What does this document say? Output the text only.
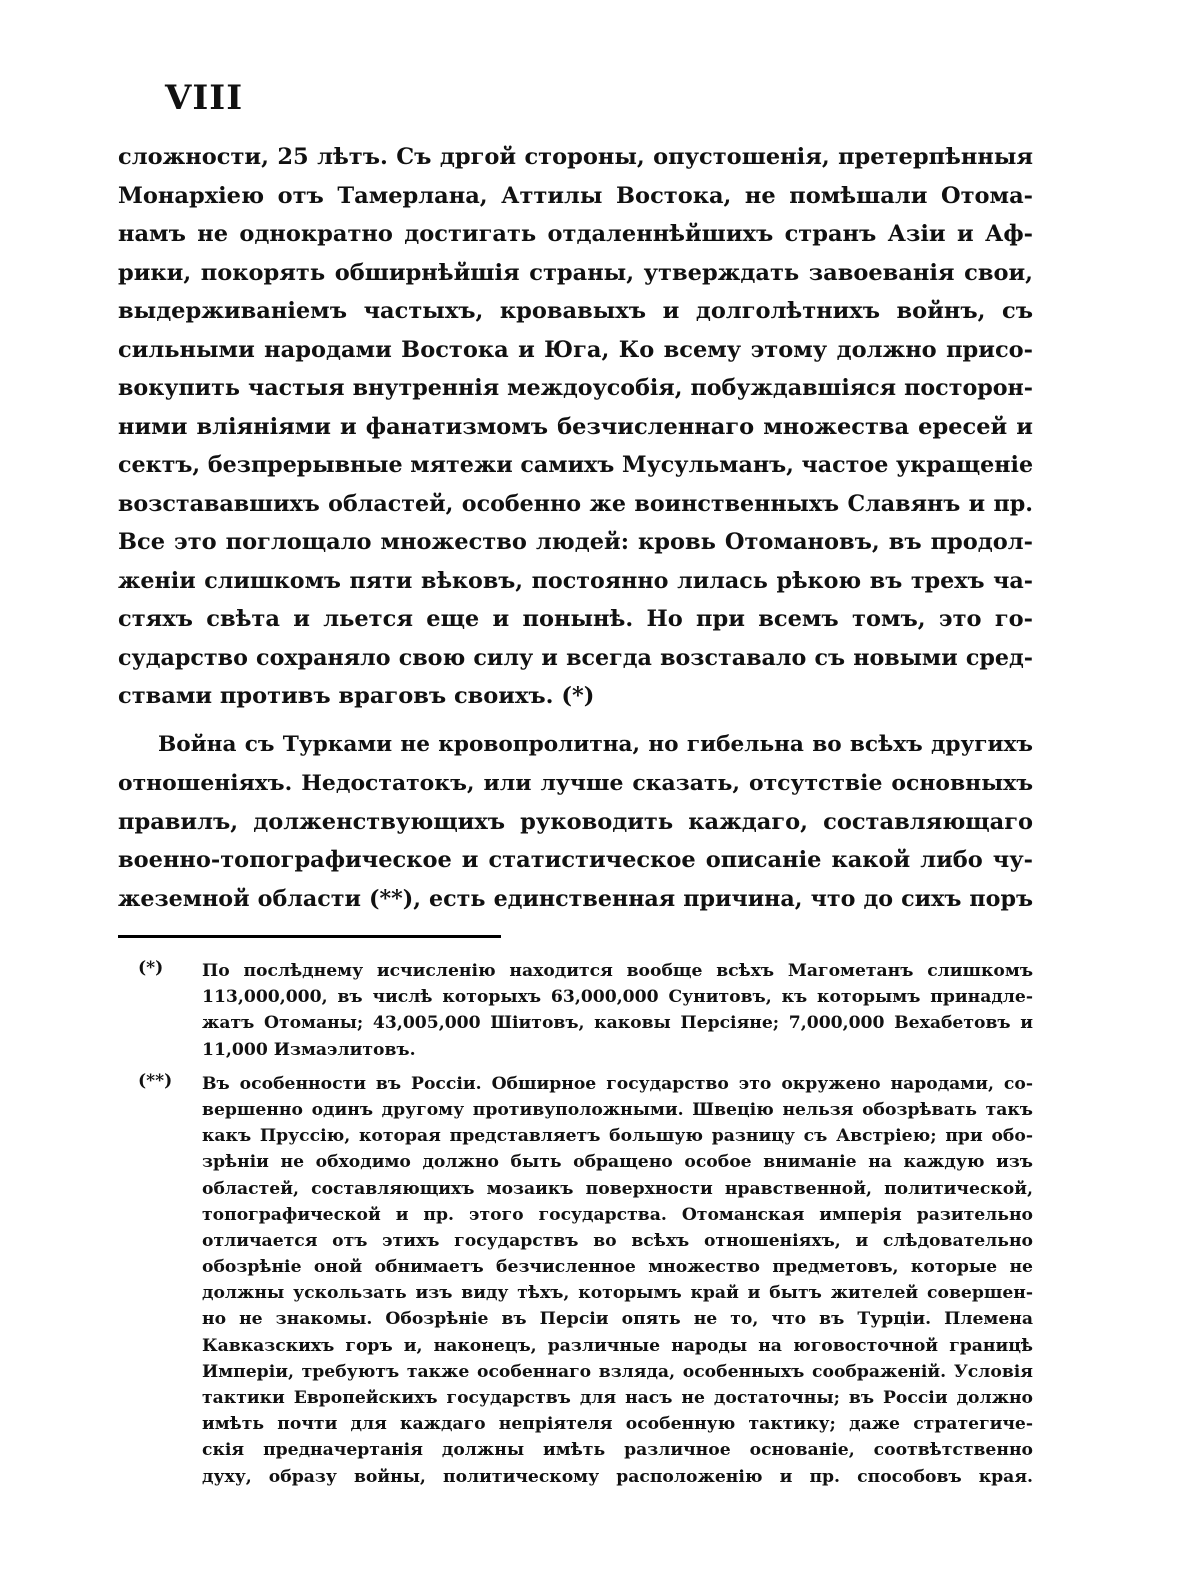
VIII
сложности, 25 лѣтъ. Съ дргой стороны, опустошенія, претерпѣнныя
Монархіею отъ Тамерлана, Аттилы Востока, не помѣшали Отома-
намъ не однократно достигать отдаленнѣйшихъ странъ Азіи и Аф-
рики, покорять обширнѣйшія страны, утверждать завоеванія свои,
выдерживаніемъ частыхъ, кровавыхъ и долголѣтнихъ войнъ, съ
сильными народами Востока и Юга, Ко всему этому должно присо-
вокупить частыя внутреннія междоусобія, побуждавшіяся посторон-
ними вліяніями и фанатизмомъ безчисленнаго множества ересей и
сектъ, безпрерывные мятежи самихъ Мусульманъ, частое укращеніе
возстававшихъ областей, особенно же воинственныхъ Славянъ и пр.
Все это поглощало множество людей: кровь Отомановъ, въ продол-
женіи слишкомъ пяти вѣковъ, постоянно лилась рѣкою въ трехъ ча-
стяхъ свѣта и льется еще и понынѣ. Но при всемъ томъ, это го-
сударство сохраняло свою силу и всегда возставало съ новыми сред-
ствами противъ враговъ своихъ. (*)
Война съ Турками не кровопролитна, но гибельна во всѣхъ другихъ
отношеніяхъ. Недостатокъ, или лучше сказать, отсутствіе основныхъ
правилъ, долженствующихъ руководить каждаго, составляющаго
военно-топографическое и статистическое описаніе какой либо чу-
жеземной области (**), есть единственная причина, что до сихъ поръ
(*) По послѣднему исчисленію находится вообще всѣхъ Магометанъ слишкомъ
113,000,000, въ числѣ которыхъ 63,000,000 Сунитовъ, къ которымъ принадле-
жатъ Отоманы; 43,005,000 Шіитовъ, каковы Персіяне; 7,000,000 Вехабетовъ и
11,000 Измаэлитовъ.
(**) Въ особенности въ Россіи. Обширное государство это окружено народами, со-
вершенно одинъ другому противуположными. Швецію нельзя обозрѣвать такъ
какъ Пруссію, которая представляетъ большую разницу съ Австріею; при обо-
зрѣніи не обходимо должно быть обращено особое вниманіе на каждую изъ
областей, составляющихъ мозаикъ поверхности нравственной, политической,
топографической и пр. этого государства. Отоманская имперія разительно
отличается отъ этихъ государствъ во всѣхъ отношеніяхъ, и слѣдовательно
обозрѣніе оной обнимаетъ безчисленное множество предметовъ, которые не
должны ускользать изъ виду тѣхъ, которымъ край и бытъ жителей совершен-
но не знакомы. Обозрѣніе въ Персіи опять не то, что въ Турціи. Племена
Кавказскихъ горъ и, наконецъ, различные народы на юговосточной границѣ
Имперіи, требуютъ также особеннаго взляда, особенныхъ соображеній. Условія
тактики Европейскихъ государствъ для насъ не достаточны; въ Россіи должно
имѣть почти для каждаго непріятеля особенную тактику; даже стратегиче-
скія предначертанія должны имѣть различное основаніе, соотвѣтственно
духу, образу войны, политическому расположенію и пр. способовъ края.
